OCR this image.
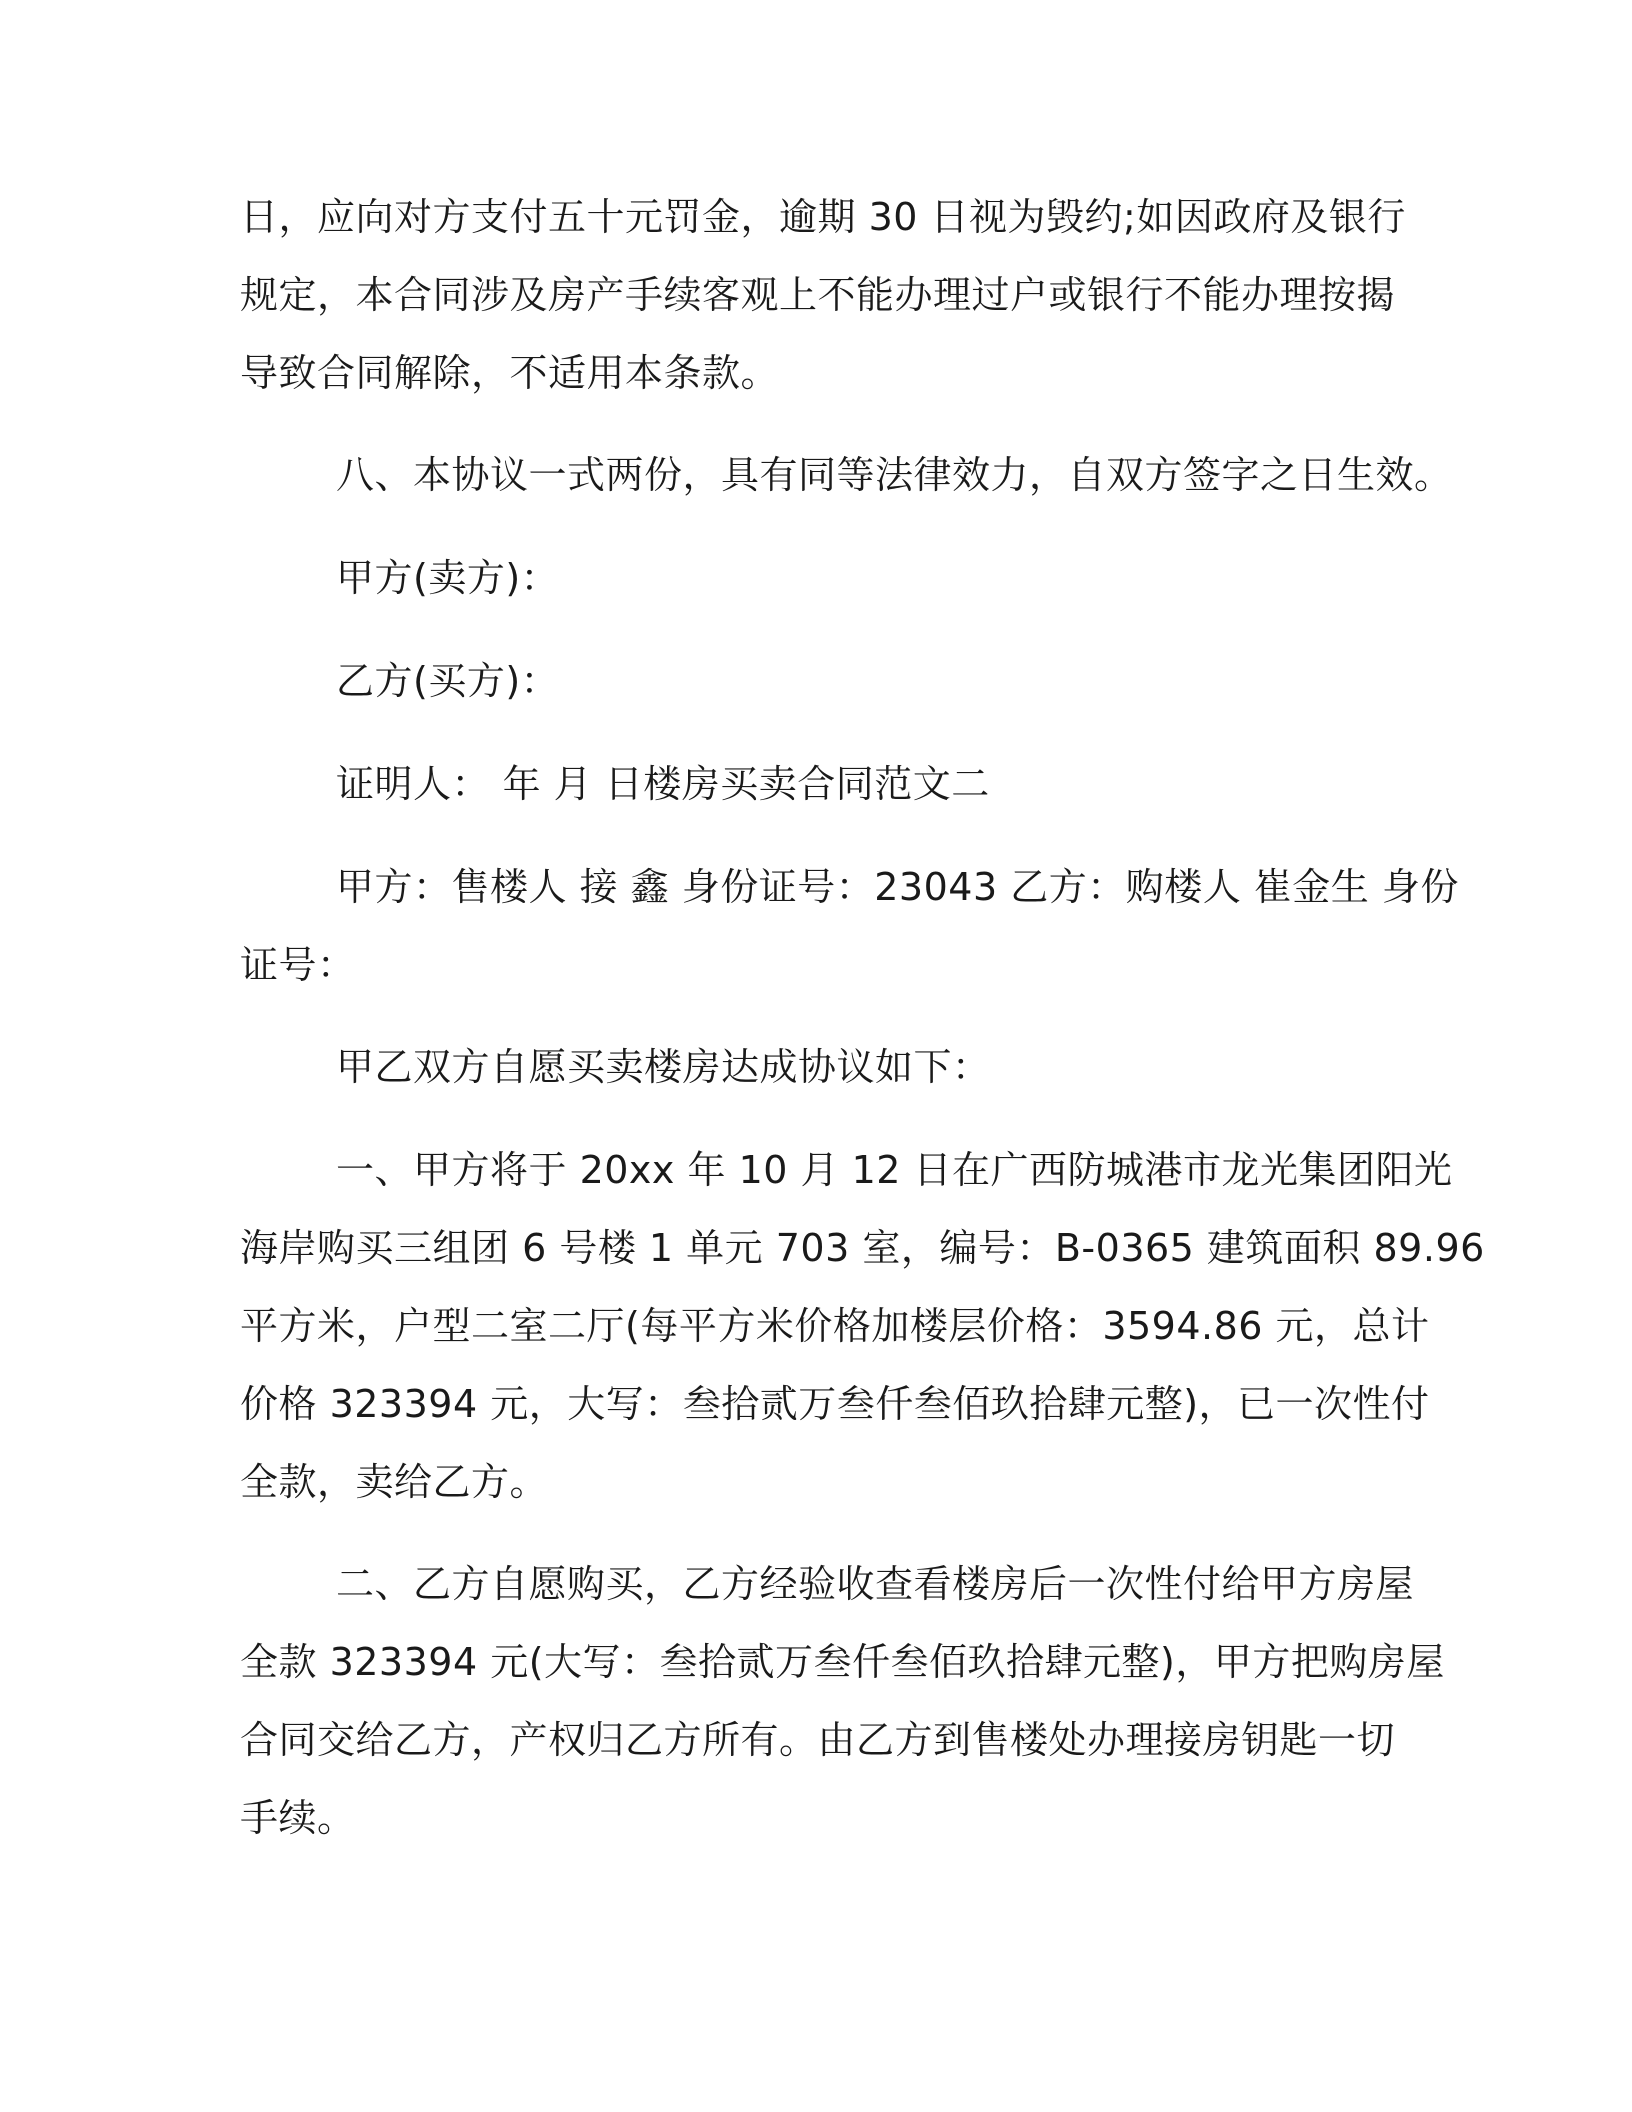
日，应向对方支付五十元罚金，逾期 30 日视为毁约;如因政府及银行

规定，本合同涉及房产手续客观上不能办理过户或银行不能办理按揭

导致合同解除，不适用本条款。

八、本协议一式两份，具有同等法律效力，自双方签字之日生效。

甲方(卖方)：

乙方(买方)：

证明人： 年 月 日楼房买卖合同范文二

甲方：售楼人 接 鑫 身份证号：23043 乙方：购楼人 崔金生 身份

证号：

甲乙双方自愿买卖楼房达成协议如下：

一、甲方将于 20xx 年 10 月 12 日在广西防城港市龙光集团阳光

海岸购买三组团 6 号楼 1 单元 703 室，编号：B-0365 建筑面积 89.96

平方米，户型二室二厅(每平方米价格加楼层价格：3594.86 元，总计

价格 323394 元，大写：叁拾贰万叁仟叁佰玖拾肆元整)，已一次性付

全款，卖给乙方。

二、乙方自愿购买，乙方经验收查看楼房后一次性付给甲方房屋

全款 323394 元(大写：叁拾贰万叁仟叁佰玖拾肆元整)，甲方把购房屋

合同交给乙方，产权归乙方所有。由乙方到售楼处办理接房钥匙一切

手续。
